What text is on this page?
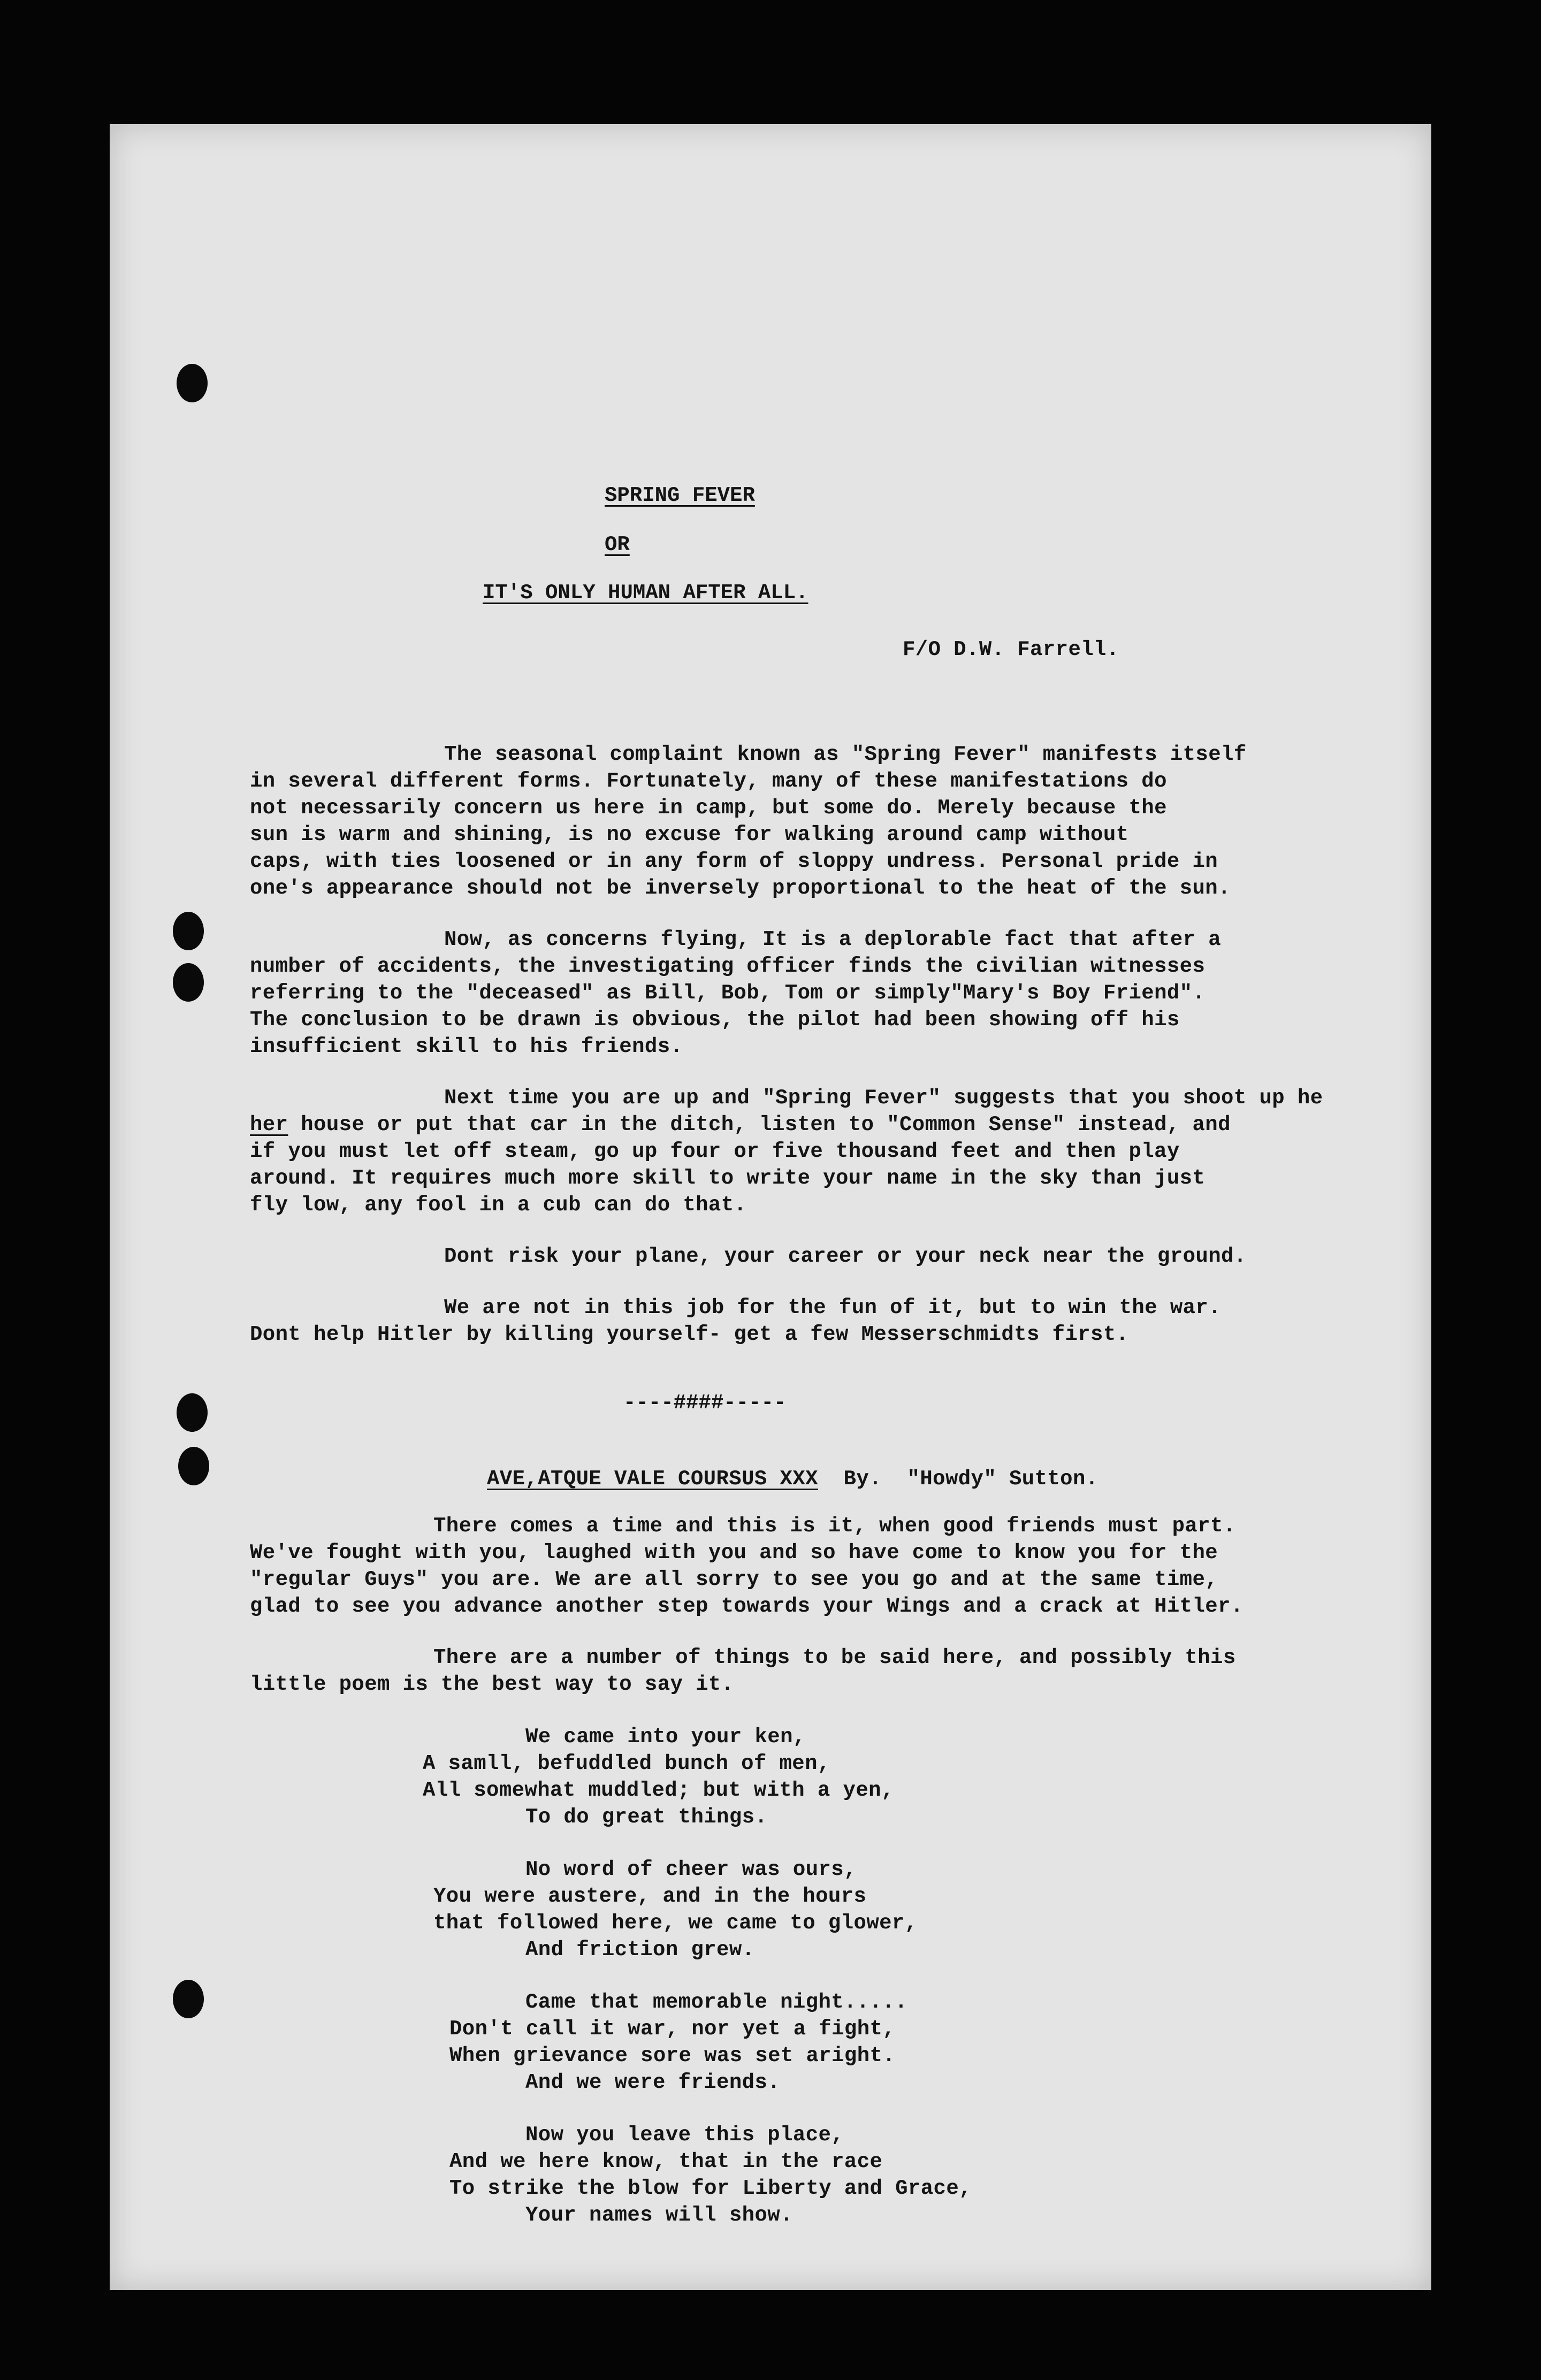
SPRING FEVER
OR
IT'S ONLY HUMAN AFTER ALL.
F/O D.W. Farrell.
The seasonal complaint known as "Spring Fever" manifests itself
in several different forms. Fortunately, many of these manifestations do
not necessarily concern us here in camp, but some do. Merely because the
sun is warm and shining, is no excuse for walking around camp without
caps, with ties loosened or in any form of sloppy undress. Personal pride in
one's appearance should not be inversely proportional to the heat of the sun.
Now, as concerns flying, It is a deplorable fact that after a
number of accidents, the investigating officer finds the civilian witnesses
referring to the "deceased" as Bill, Bob, Tom or simply"Mary's Boy Friend".
The conclusion to be drawn is obvious, the pilot had been showing off his
insufficient skill to his friends.
Next time you are up and "Spring Fever" suggests that you shoot up he
her house or put that car in the ditch, listen to "Common Sense" instead, and
if you must let off steam, go up four or five thousand feet and then play
around. It requires much more skill to write your name in the sky than just
fly low, any fool in a cub can do that.
Dont risk your plane, your career or your neck near the ground.
We are not in this job for the fun of it, but to win the war.
Dont help Hitler by killing yourself- get a few Messerschmidts first.
----####-----
AVE,ATQUE VALE COURSUS XXX By.  "Howdy" Sutton.
There comes a time and this is it, when good friends must part.
We've fought with you, laughed with you and so have come to know you for the
"regular Guys" you are. We are all sorry to see you go and at the same time,
glad to see you advance another step towards your Wings and a crack at Hitler.
There are a number of things to be said here, and possibly this
little poem is the best way to say it.
We came into your ken,
A samll, befuddled bunch of men,
All somewhat muddled; but with a yen,
To do great things.
No word of cheer was ours,
You were austere, and in the hours
that followed here, we came to glower,
And friction grew.
Came that memorable night.....
Don't call it war, nor yet a fight,
When grievance sore was set aright.
And we were friends.
Now you leave this place,
And we here know, that in the race
To strike the blow for Liberty and Grace,
Your names will show.
